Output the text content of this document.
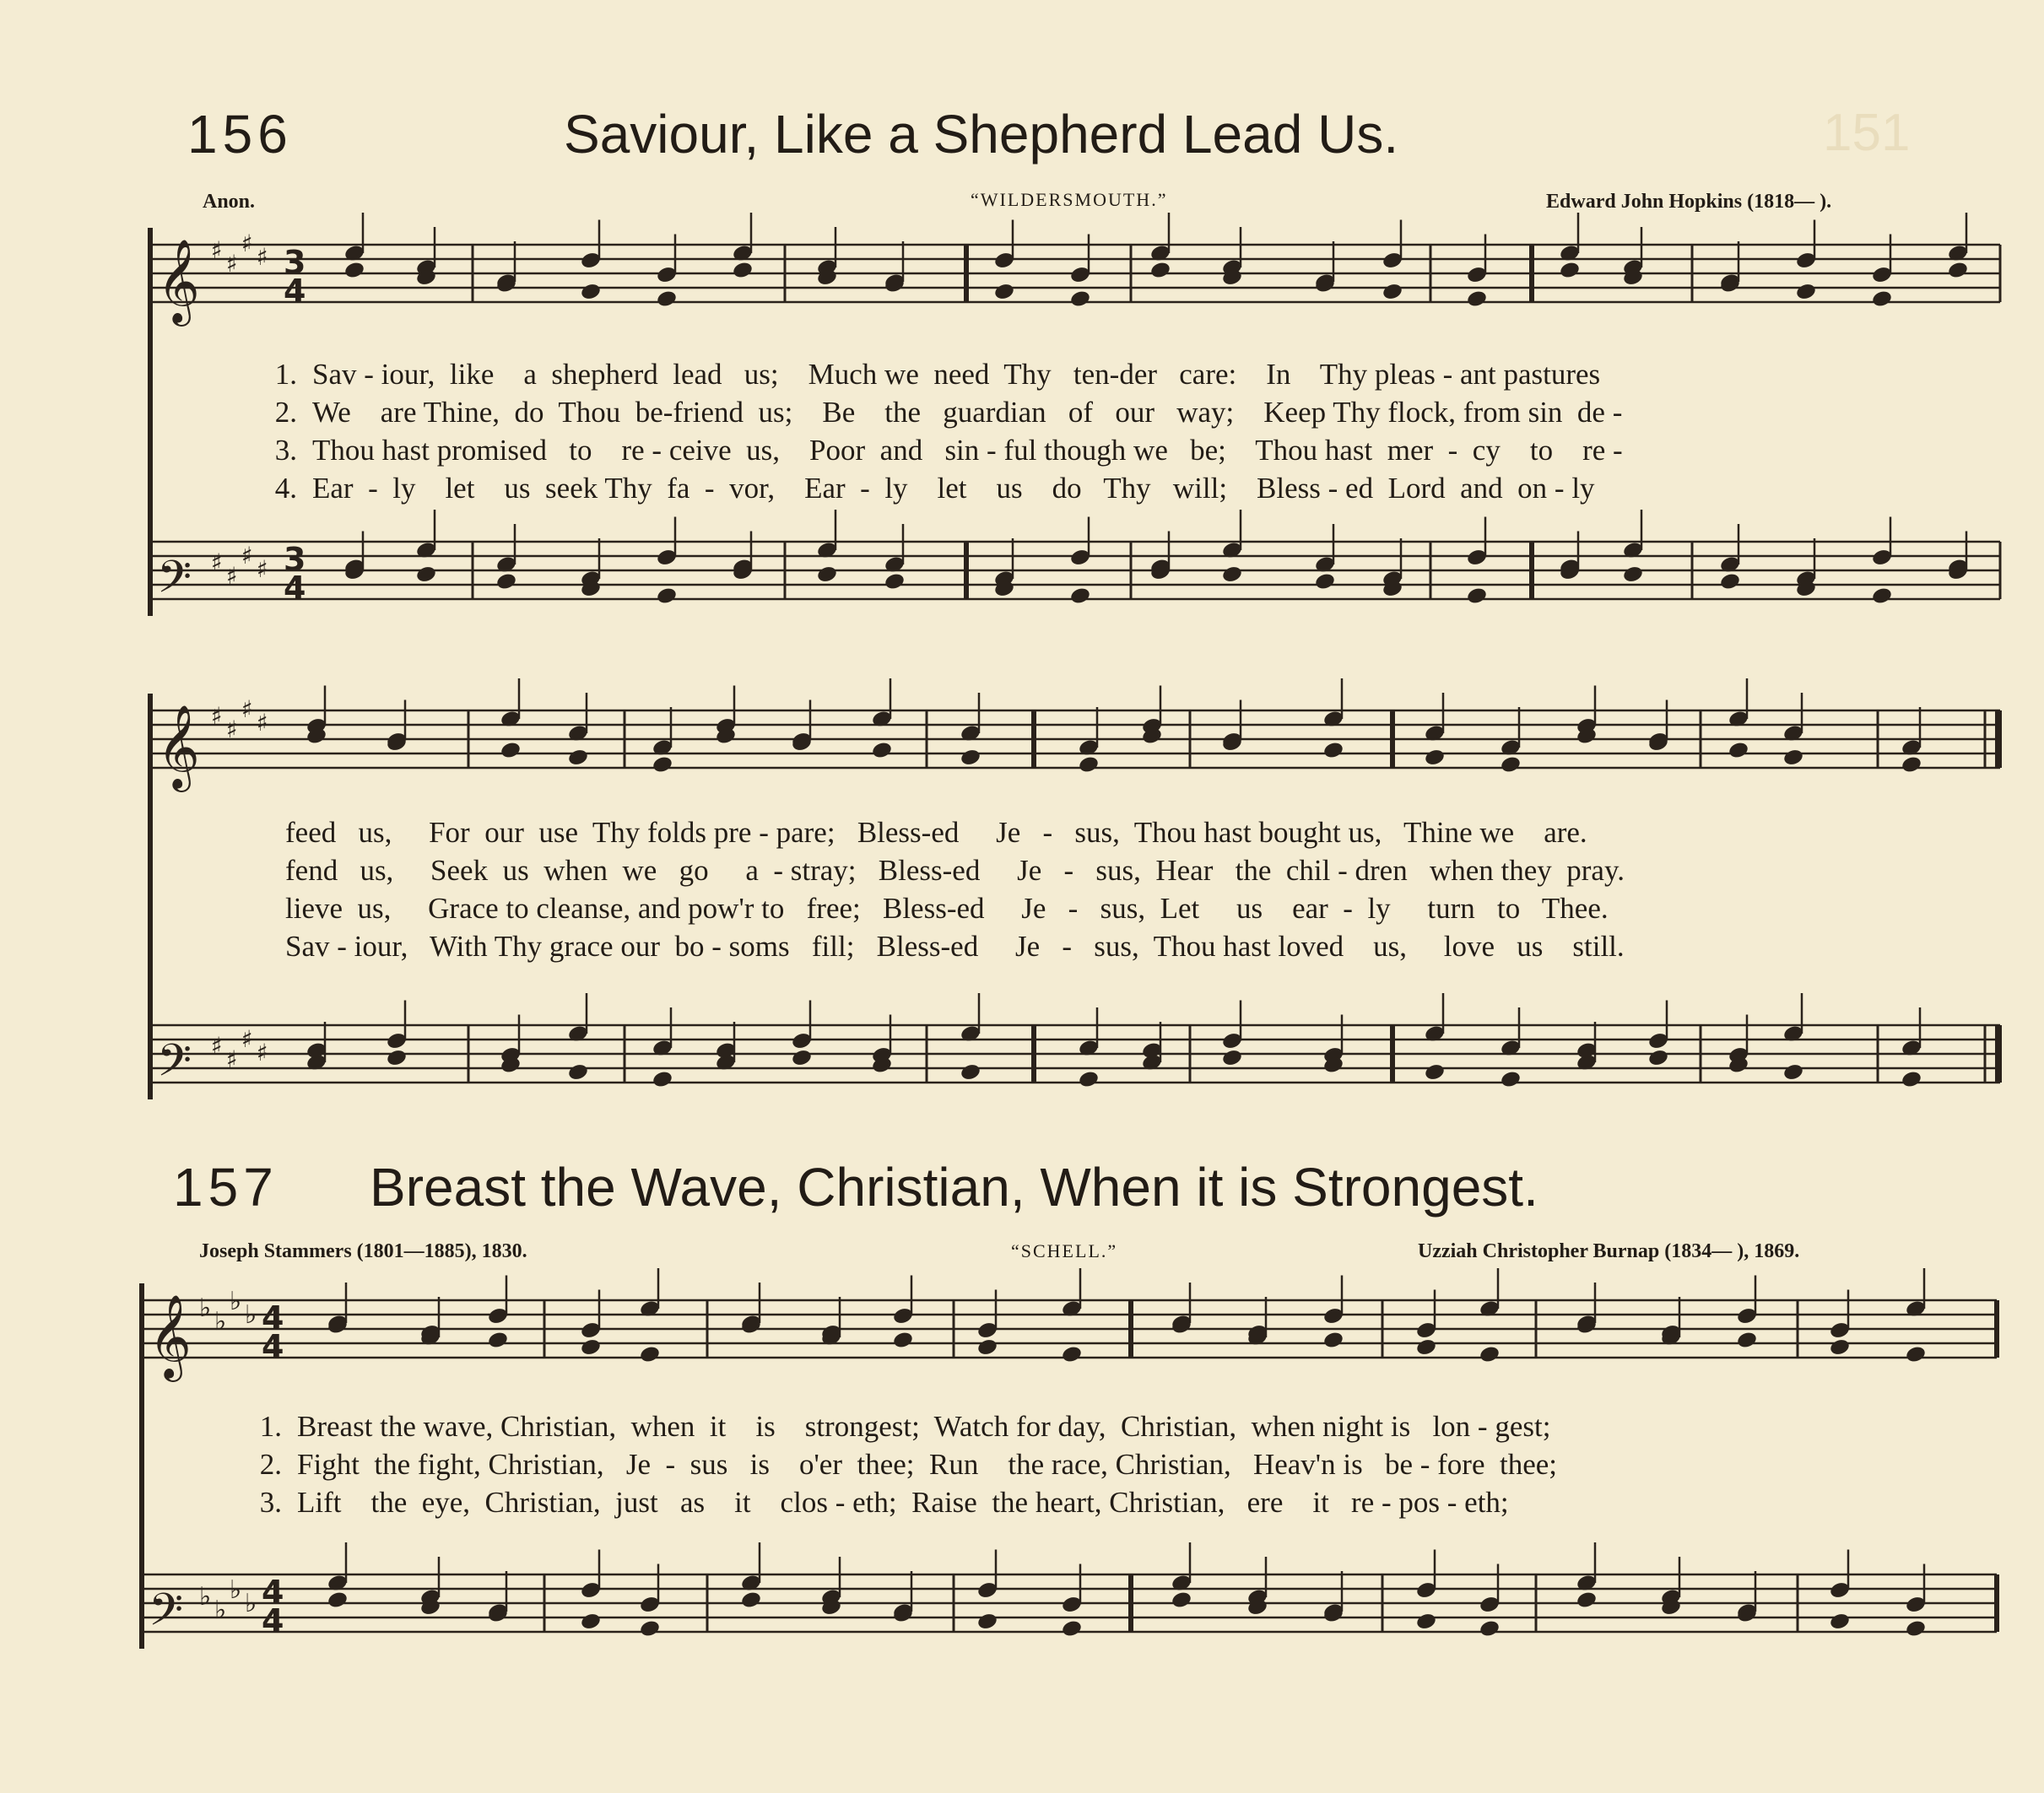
151
156	Saviour, Like a Shepherd Lead Us.
Anon.	“WILDERSMOUTH.”	Edward John Hopkins (1818— ).
𝄞
𝄢
♯ ♯
♯ ♯
♯ ♯
♯ ♯
3
4
3
4
𝄞
𝄢
♯ ♯
♯ ♯
♯ ♯
♯ ♯
𝄞
𝄢
♭ ♭
♭ ♭
♭ ♭
♭ ♭
4
4
4
4
1. Sav - iour,  like    a  shepherd  lead   us;    Much we  need  Thy   ten-der   care:    In    Thy pleas - ant pastures
2. We    are Thine,  do  Thou  be-friend  us;    Be    the   guardian   of   our   way;    Keep Thy flock, from sin  de -
3. Thou hast promised   to    re - ceive  us,    Poor  and   sin - ful though we   be;    Thou hast  mer  -  cy    to    re -
4. Ear  -  ly    let    us  seek Thy  fa  -  vor,    Ear  -  ly    let    us    do   Thy   will;    Bless - ed  Lord  and  on - ly
feed   us,     For  our  use  Thy folds pre - pare;   Bless-ed     Je   -   sus,  Thou hast bought us,   Thine we    are.
fend   us,     Seek  us  when  we   go     a  - stray;   Bless-ed     Je   -   sus,  Hear   the  chil - dren   when they  pray.
lieve  us,     Grace to cleanse, and pow'r to   free;   Bless-ed     Je   -   sus,  Let     us    ear  -  ly     turn   to   Thee.
Sav - iour,   With Thy grace our  bo - soms   fill;   Bless-ed     Je   -   sus,  Thou hast loved    us,     love   us    still.
157 Breast the Wave, Christian, When it is Strongest.
Joseph Stammers (1801—1885), 1830.	“SCHELL.”	Uzziah Christopher Burnap (1834— ), 1869.
1. Breast the wave, Christian,  when  it    is    strongest;  Watch for day,  Christian,  when night is   lon - gest;
2. Fight  the fight, Christian,   Je  -  sus   is    o'er  thee;  Run    the race, Christian,   Heav'n is   be - fore  thee;
3. Lift    the  eye,  Christian,  just   as    it    clos - eth;  Raise  the heart, Christian,   ere    it   re - pos - eth;
